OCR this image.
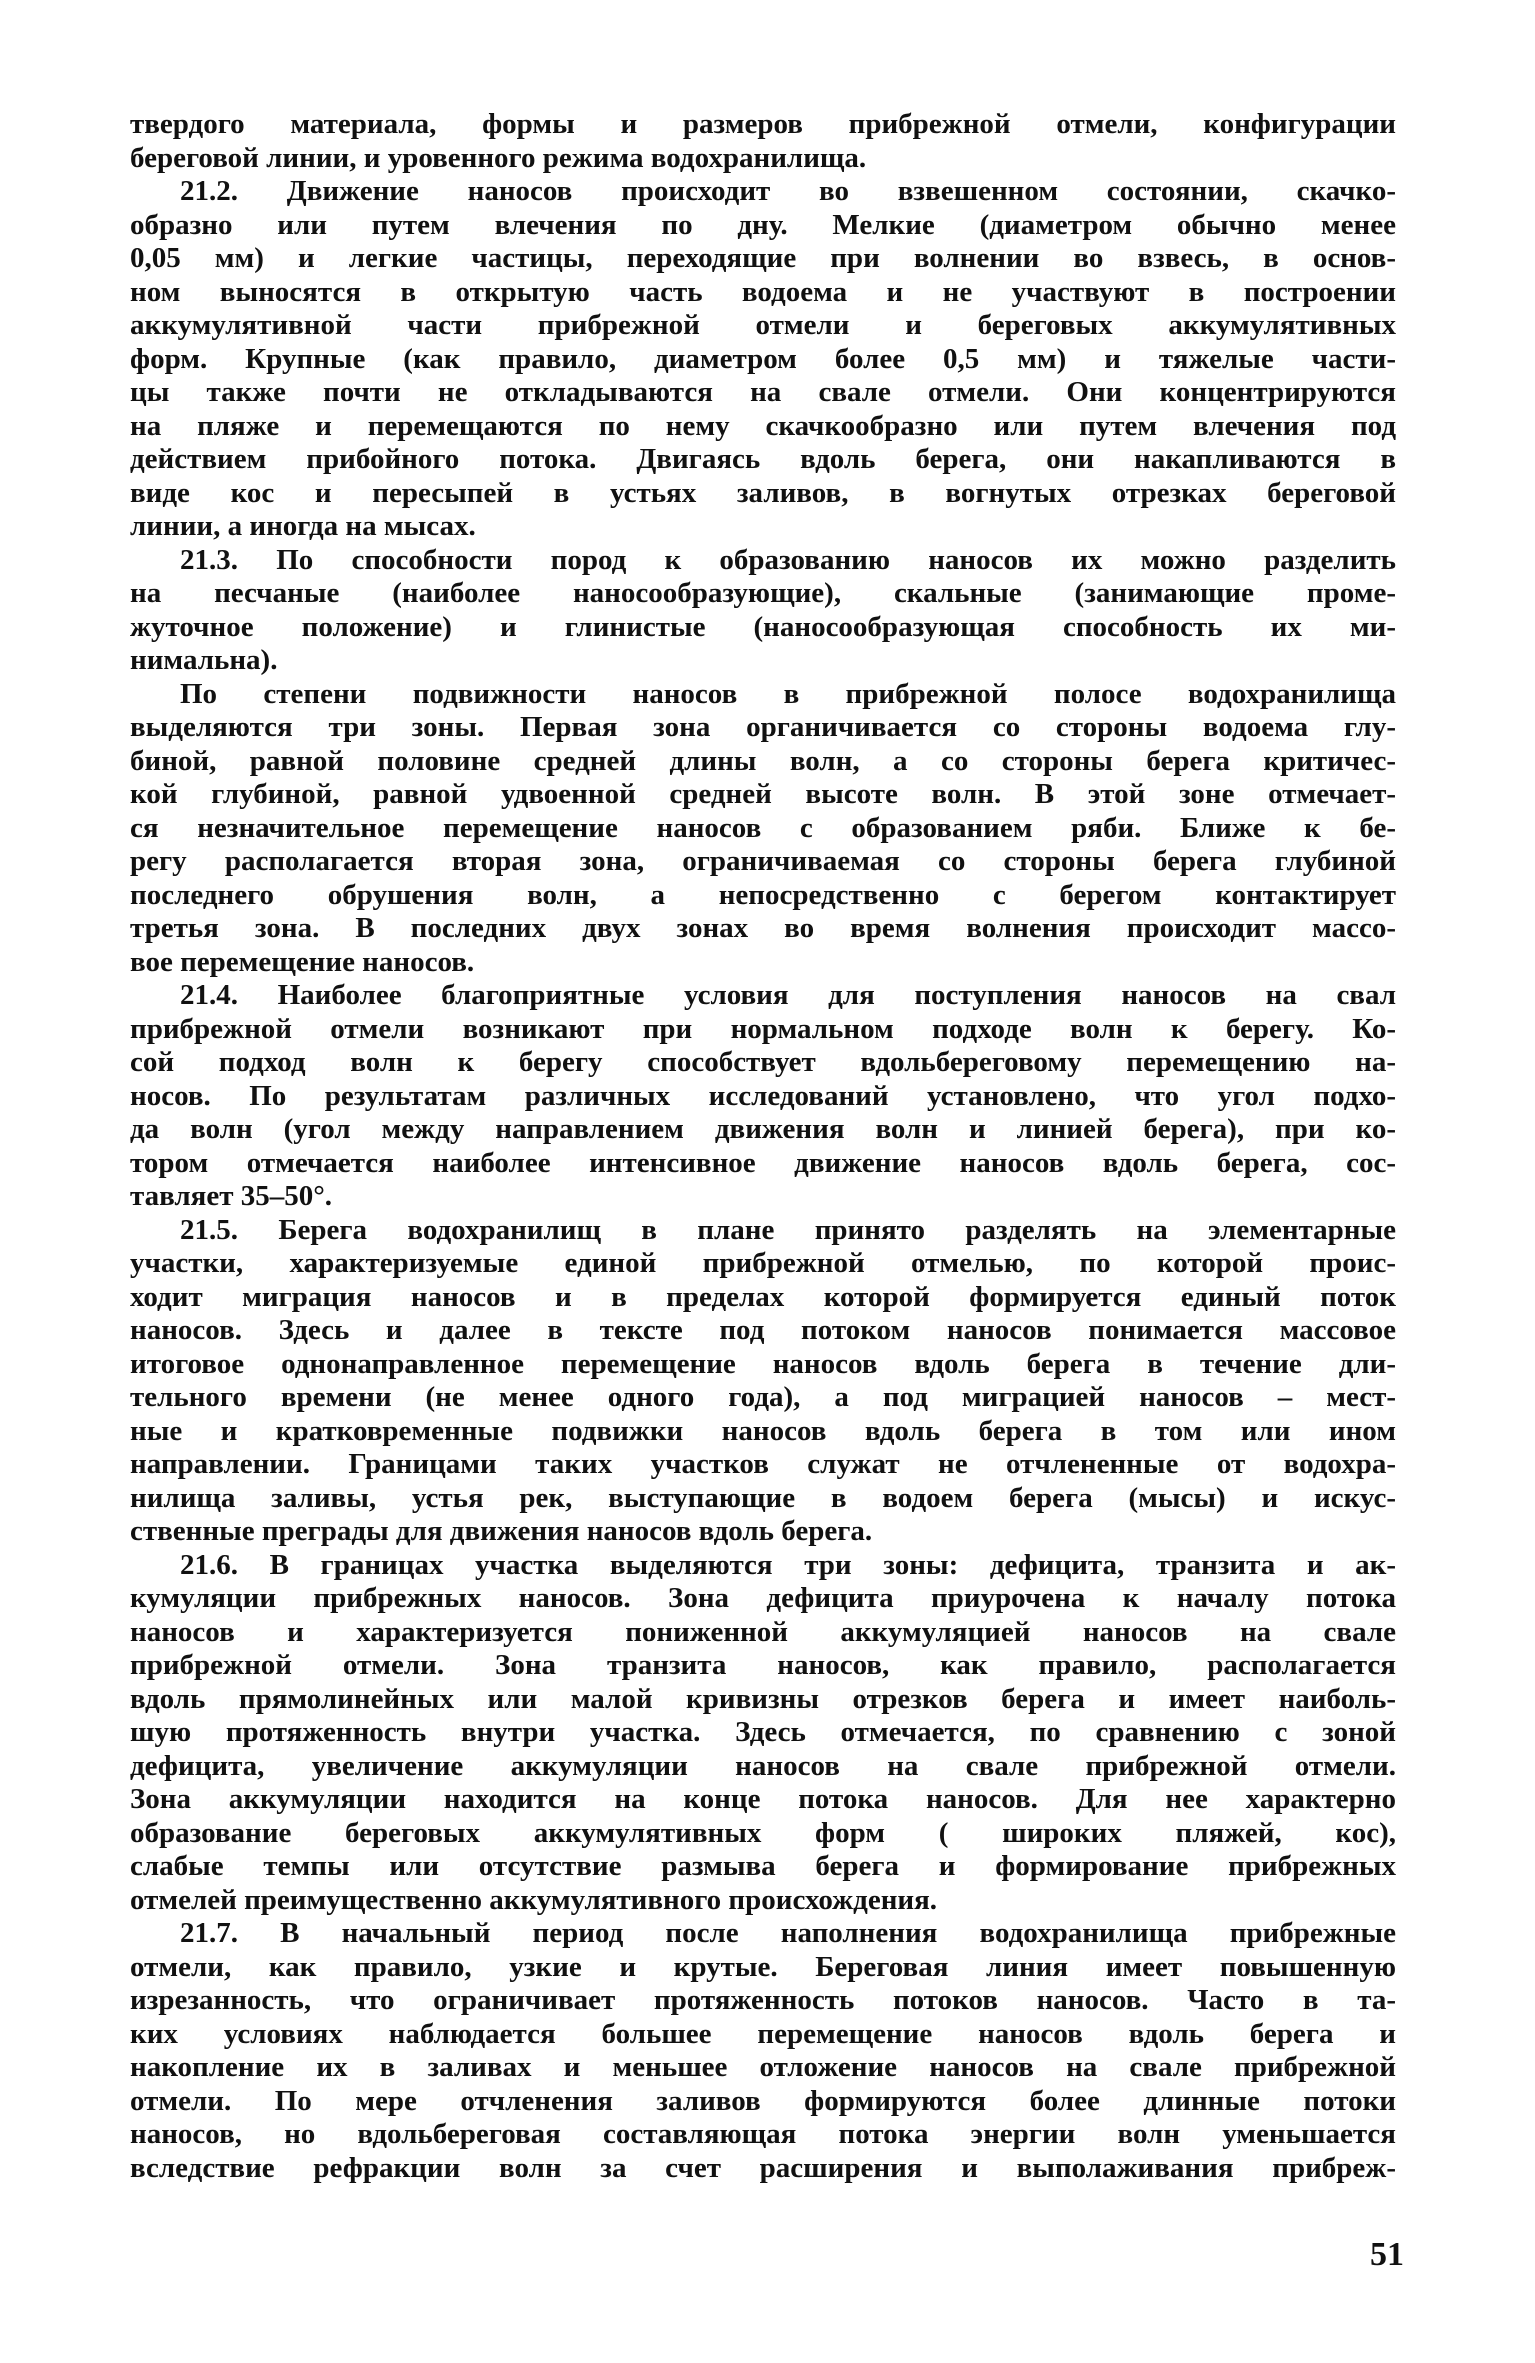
твердого материала, формы и размеров прибрежной отмели, конфигурации
береговой линии, и уровенного режима водохранилища.
21.2. Движение наносов происходит во взвешенном состоянии, скачко-
образно или путем влечения по дну. Мелкие (диаметром обычно менее
0,05 мм) и легкие частицы, переходящие при волнении во взвесь, в основ-
ном выносятся в открытую часть водоема и не участвуют в построении
аккумулятивной части прибрежной отмели и береговых аккумулятивных
форм. Крупные (как правило, диаметром более 0,5 мм) и тяжелые части-
цы также почти не откладываются на свале отмели. Они концентрируются
на пляже и перемещаются по нему скачкообразно или путем влечения под
действием прибойного потока. Двигаясь вдоль берега, они накапливаются в
виде кос и пересыпей в устьях заливов, в вогнутых отрезках береговой
линии, а иногда на мысах.
21.3. По способности пород к образованию наносов их можно разделить
на песчаные (наиболее наносообразующие), скальные (занимающие проме-
жуточное положение) и глинистые (наносообразующая способность их ми-
нимальна).
По степени подвижности наносов в прибрежной полосе водохранилища
выделяются три зоны. Первая зона органичивается со стороны водоема глу-
биной, равной половине средней длины волн, а со стороны берега критичес-
кой глубиной, равной удвоенной средней высоте волн. В этой зоне отмечает-
ся незначительное перемещение наносов с образованием ряби. Ближе к бе-
регу располагается вторая зона, ограничиваемая со стороны берега глубиной
последнего обрушения волн, а непосредственно с берегом контактирует
третья зона. В последних двух зонах во время волнения происходит массо-
вое перемещение наносов.
21.4. Наиболее благоприятные условия для поступления наносов на свал
прибрежной отмели возникают при нормальном подходе волн к берегу. Ко-
сой подход волн к берегу способствует вдольбереговому перемещению на-
носов. По результатам различных исследований установлено, что угол подхо-
да волн (угол между направлением движения волн и линией берега), при ко-
тором отмечается наиболее интенсивное движение наносов вдоль берега, сос-
тавляет 35–50°.
21.5. Берега водохранилищ в плане принято разделять на элементарные
участки, характеризуемые единой прибрежной отмелью, по которой проис-
ходит миграция наносов и в пределах которой формируется единый поток
наносов. Здесь и далее в тексте под потоком наносов понимается массовое
итоговое однонаправленное перемещение наносов вдоль берега в течение дли-
тельного времени (не менее одного года), а под миграцией наносов – мест-
ные и кратковременные подвижки наносов вдоль берега в том или ином
направлении. Границами таких участков служат не отчлененные от водохра-
нилища заливы, устья рек, выступающие в водоем берега (мысы) и искус-
ственные преграды для движения наносов вдоль берега.
21.6. В границах участка выделяются три зоны: дефицита, транзита и ак-
кумуляции прибрежных наносов. Зона дефицита приурочена к началу потока
наносов и характеризуется пониженной аккумуляцией наносов на свале
прибрежной отмели. Зона транзита наносов, как правило, располагается
вдоль прямолинейных или малой кривизны отрезков берега и имеет наиболь-
шую протяженность внутри участка. Здесь отмечается, по сравнению с зоной
дефицита, увеличение аккумуляции наносов на свале прибрежной отмели.
Зона аккумуляции находится на конце потока наносов. Для нее характерно
образование береговых аккумулятивных форм ( широких пляжей, кос),
слабые темпы или отсутствие размыва берега и формирование прибрежных
отмелей преимущественно аккумулятивного происхождения.
21.7. В начальный период после наполнения водохранилища прибрежные
отмели, как правило, узкие и крутые. Береговая линия имеет повышенную
изрезанность, что ограничивает протяженность потоков наносов. Часто в та-
ких условиях наблюдается большее перемещение наносов вдоль берега и
накопление их в заливах и меньшее отложение наносов на свале прибрежной
отмели. По мере отчленения заливов формируются более длинные потоки
наносов, но вдольбереговая составляющая потока энергии волн уменьшается
вследствие рефракции волн за счет расширения и выполаживания прибреж-
51
